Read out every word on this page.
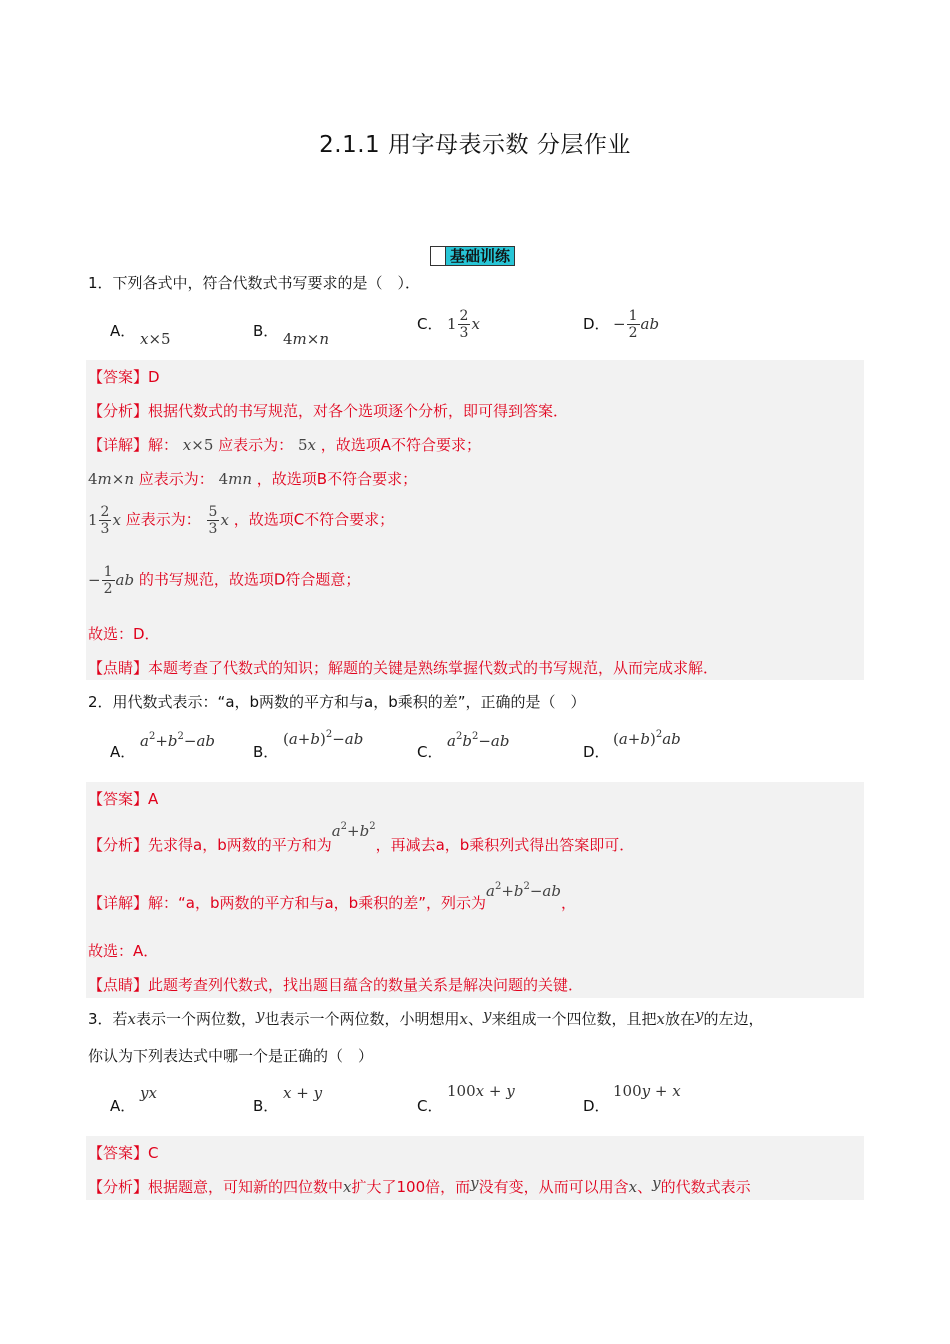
2.1.1 用字母表示数 分层作业
基础训练
1．下列各式中，符合代数式书写要求的是（　）．
A． x×5	B． 4m×n
C． $1 \frac{2}{3}$ x	D． − $\frac{1}{2}$ ab
【答案】D
【分析】根据代数式的书写规范，对各个选项逐个分析，即可得到答案．
【详解】解： x×5 应表示为： 5x ，故选项A不符合要求；
4m×n 应表示为： 4mn ，故选项B不符合要求；
$1 \frac{2}{3}$ x 应表示为： $\frac{5}{3}$ x ，故选项C不符合要求；
− $\frac{1}{2}$ ab 的书写规范，故选项D符合题意；
故选：D．
【点睛】本题考查了代数式的知识；解题的关键是熟练掌握代数式的书写规范，从而完成求解．
2．用代数式表示：“a，b两数的平方和与a，b乘积的差”，正确的是（　）
A．$a^2+b^2-ab$
B．$(a+b)^2-ab$
C．$a^2b^2-ab$
D．$(a+b)^2ab$
【答案】A
【分析】先求得a，b两数的平方和为$a^2+b^2$，再减去a，b乘积列式得出答案即可．
【详解】解：“a，b两数的平方和与a，b乘积的差”，列示为$a^2+b^2-ab$，
故选：A．
【点睛】此题考查列代数式，找出题目蕴含的数量关系是解决问题的关键．
3．若x表示一个两位数，y也表示一个两位数，小明想用x、y来组成一个四位数，且把x放在y的左边，
你认为下列表达式中哪一个是正确的（　）
A．yx
B．x + y
C．100x + y
D．100y + x
【答案】C
【分析】根据题意，可知新的四位数中x扩大了100倍，而y没有变，从而可以用含x、y的代数式表示
